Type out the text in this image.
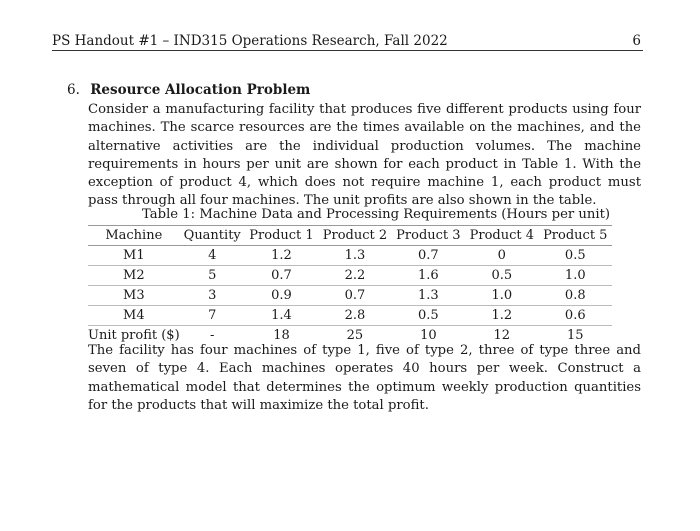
PS Handout #1 – IND315 Operations Research, Fall 2022	6
6. Resource Allocation Problem
Consider a manufacturing facility that produces five different products using four machines. The scarce resources are the times available on the machines, and the alternative activities are the individual production volumes. The machine requirements in hours per unit are shown for each product in Table 1. With the exception of product 4, which does not require machine 1, each product must pass through all four machines. The unit profits are also shown in the table.
Table 1: Machine Data and Processing Requirements (Hours per unit)
Machine	Quantity	Product 1	Product 2	Product 3	Product 4	Product 5
M1	4	1.2	1.3	0.7	0	0.5
M2	5	0.7	2.2	1.6	0.5	1.0
M3	3	0.9	0.7	1.3	1.0	0.8
M4	7	1.4	2.8	0.5	1.2	0.6
Unit profit ($)	-	18	25	10	12	15
The facility has four machines of type 1, five of type 2, three of type three and seven of type 4. Each machines operates 40 hours per week. Construct a mathematical model that determines the optimum weekly production quantities for the products that will maximize the total profit.
